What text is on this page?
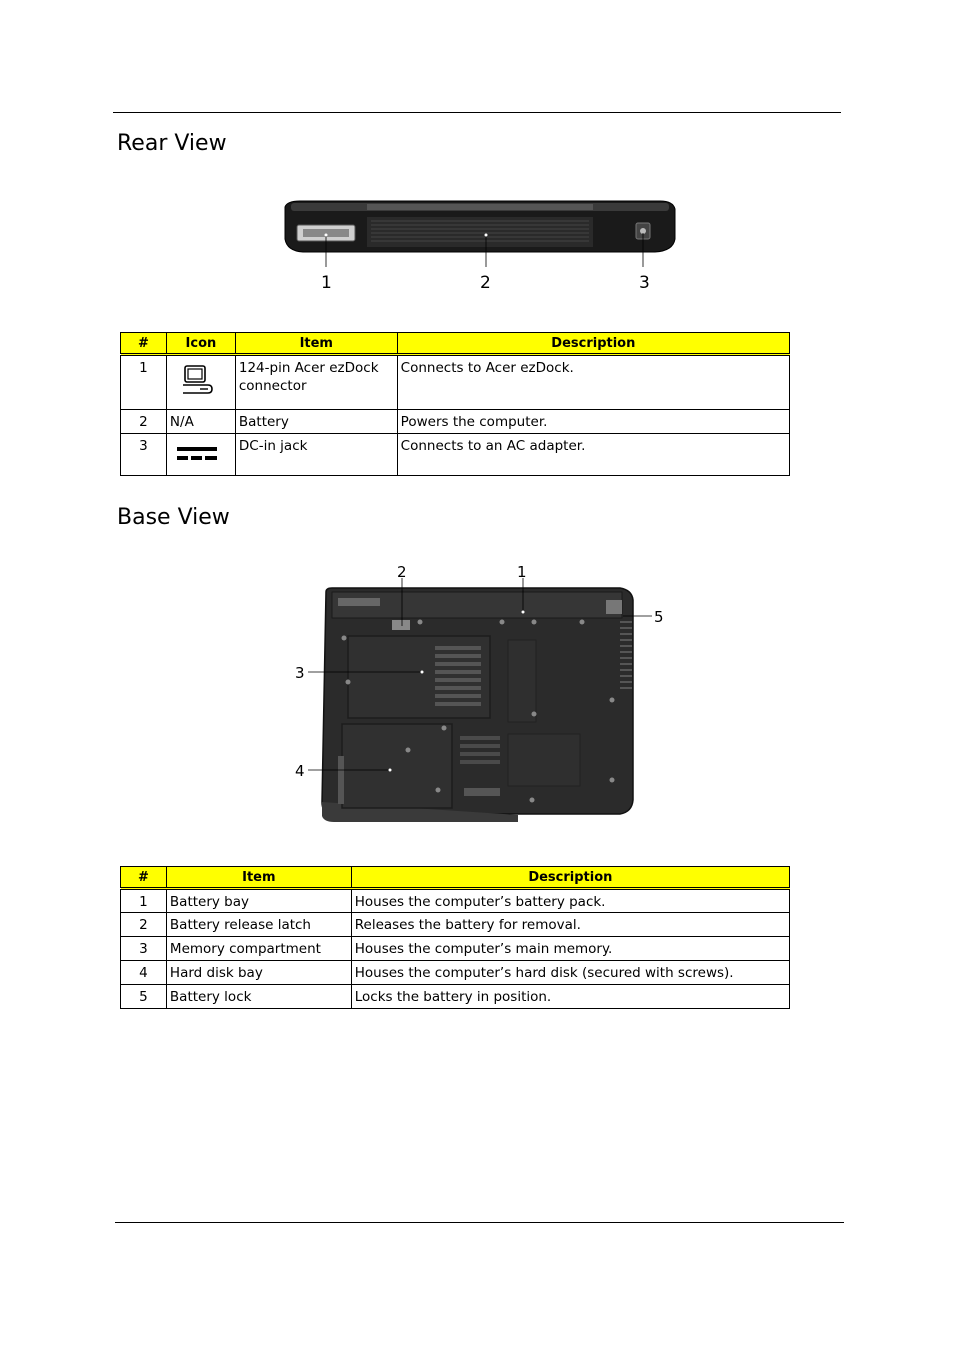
Rear View
1	2	3
#	Icon	Item	Description
1		124-pin Acer ezDock connector	Connects to Acer ezDock.
2	N/A	Battery	Powers the computer.
3		DC-in jack	Connects to an AC adapter.
Base View
1
2
3
4
5
#	Item	Description
1	Battery bay	Houses the computer’s battery pack.
2	Battery release latch	Releases the battery for removal.
3	Memory compartment	Houses the computer’s main memory.
4	Hard disk bay	Houses the computer’s hard disk (secured with screws).
5	Battery lock	Locks the battery in position.
